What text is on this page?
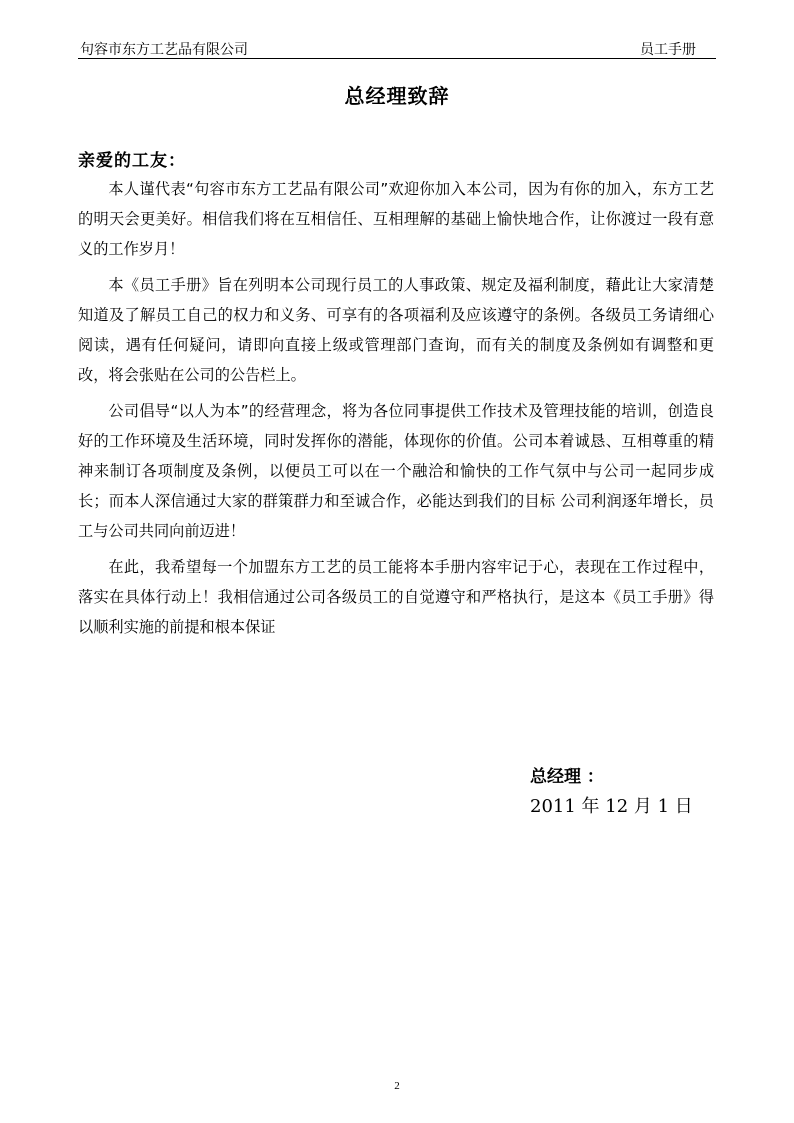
句容市东方工艺品有限公司	员工手册
总经理致辞
亲爱的工友：

本人谨代表“句容市东方工艺品有限公司”欢迎你加入本公司，因为有你的加入，东方工艺 的明天会更美好。相信我们将在互相信任、互相理解的基础上愉快地合作，让你渡过一段有意义的工作岁月！

本《员工手册》旨在列明本公司现行员工的人事政策、规定及福利制度，藉此让大家清楚知道及了解员工自己的权力和义务、可享有的各项福利及应该遵守的条例。各级员工务请细心阅读，遇有任何疑问，请即向直接上级或管理部门查询，而有关的制度及条例如有调整和更改，将会张贴在公司的公告栏上。

公司倡导“以人为本”的经营理念，将为各位同事提供工作技术及管理技能的培训，创造良好的工作环境及生活环境，同时发挥你的潜能，体现你的价值。公司本着诚恳、互相尊重的精神来制订各项制度及条例，以便员工可以在一个融洽和愉快的工作气氛中与公司一起同步成长；而本人深信通过大家的群策群力和至诚合作，必能达到我们的目标 公司利润逐年增长，员工与公司共同向前迈进！

在此，我希望每一个加盟东方工艺的员工能将本手册内容牢记于心，表现在工作过程中，落实在具体行动上！我相信通过公司各级员工的自觉遵守和严格执行，是这本《员工手册》得以顺利实施的前提和根本保证

总经理 ：
2011 年 12 月 1 日
2
